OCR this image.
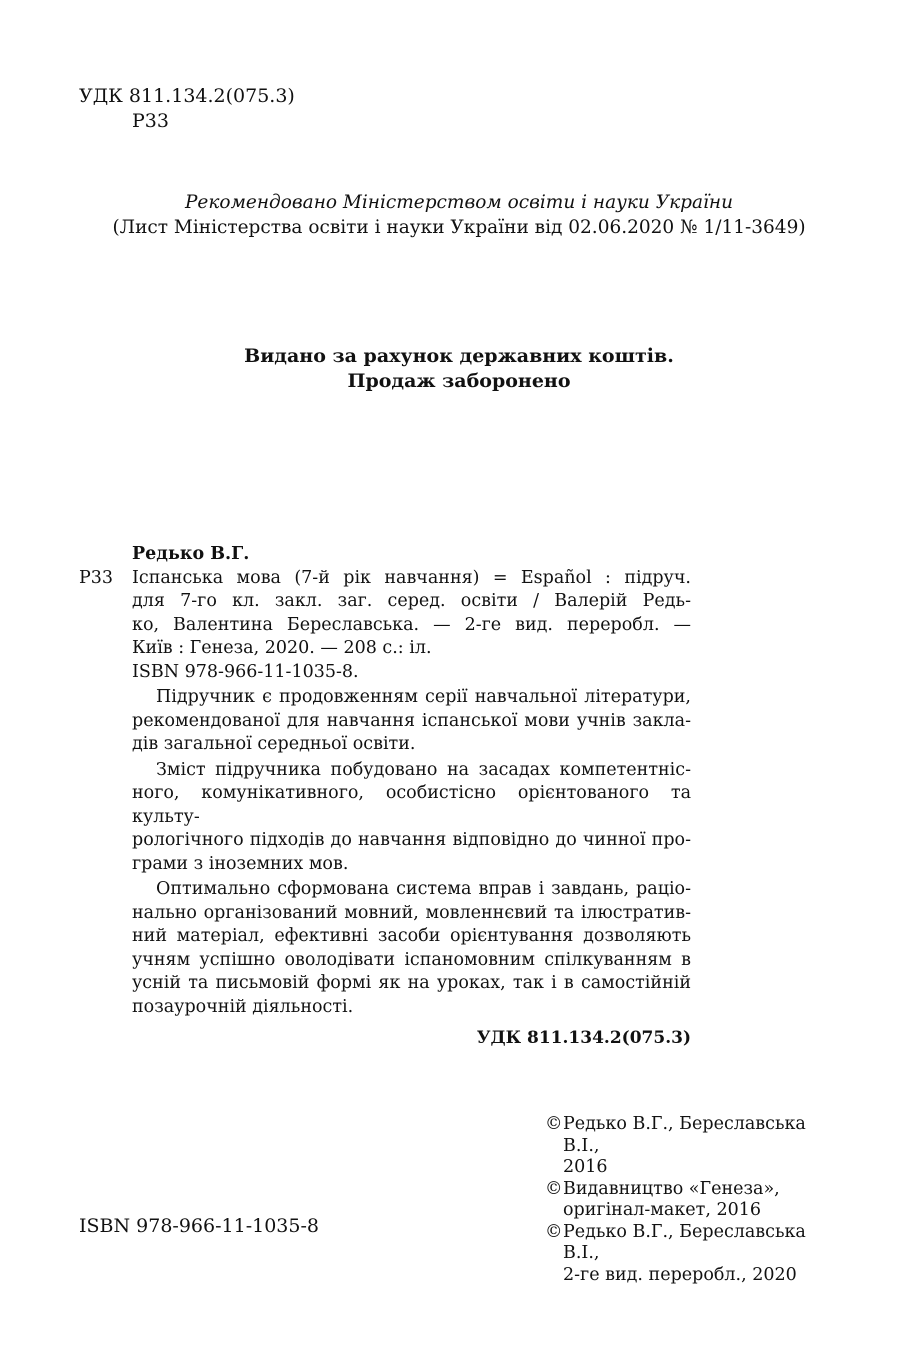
УДК 811.134.2(075.3)
Р33
Рекомендовано Міністерством освіти і науки України
(Лист Міністерства освіти і науки України від 02.06.2020 № 1/11-3649)
Видано за рахунок державних коштів.
Продаж заборонено
Редько В.Г.
Р33	Іспанська мова (7-й рік навчання) = Español : підруч.
для 7-го кл. закл. заг. серед. освіти / Валерій Редь-
ко, Валентина Береславська. — 2-ге вид. переробл. —
Київ : Генеза, 2020. — 208 с.: іл.
ISBN 978-966-11-1035-8.
Підручник є продовженням серії навчальної літератури,
рекомендованої для навчання іспанської мови учнів закла-
дів загальної середньої освіти.
Зміст підручника побудовано на засадах компетентніс-
ного, комунікативного, особистісно орієнтованого та культу-
рологічного підходів до навчання відповідно до чинної про-
грами з іноземних мов.
Оптимально сформована система вправ і завдань, раціо-
нально організований мовний, мовленнєвий та ілюстратив-
ний матеріал, ефективні засоби орієнтування дозволяють
учням успішно оволодівати іспаномовним спілкуванням в
усній та письмовій формі як на уроках, так і в самостійній
позаурочній діяльності.
УДК 811.134.2(075.3)
© Редько В.Г., Береславська В.І.,
2016
© Видавництво «Генеза»,
оригінал-макет, 2016
© Редько В.Г., Береславська В.І.,
2-ге вид. переробл., 2020
ISBN 978-966-11-1035-8
